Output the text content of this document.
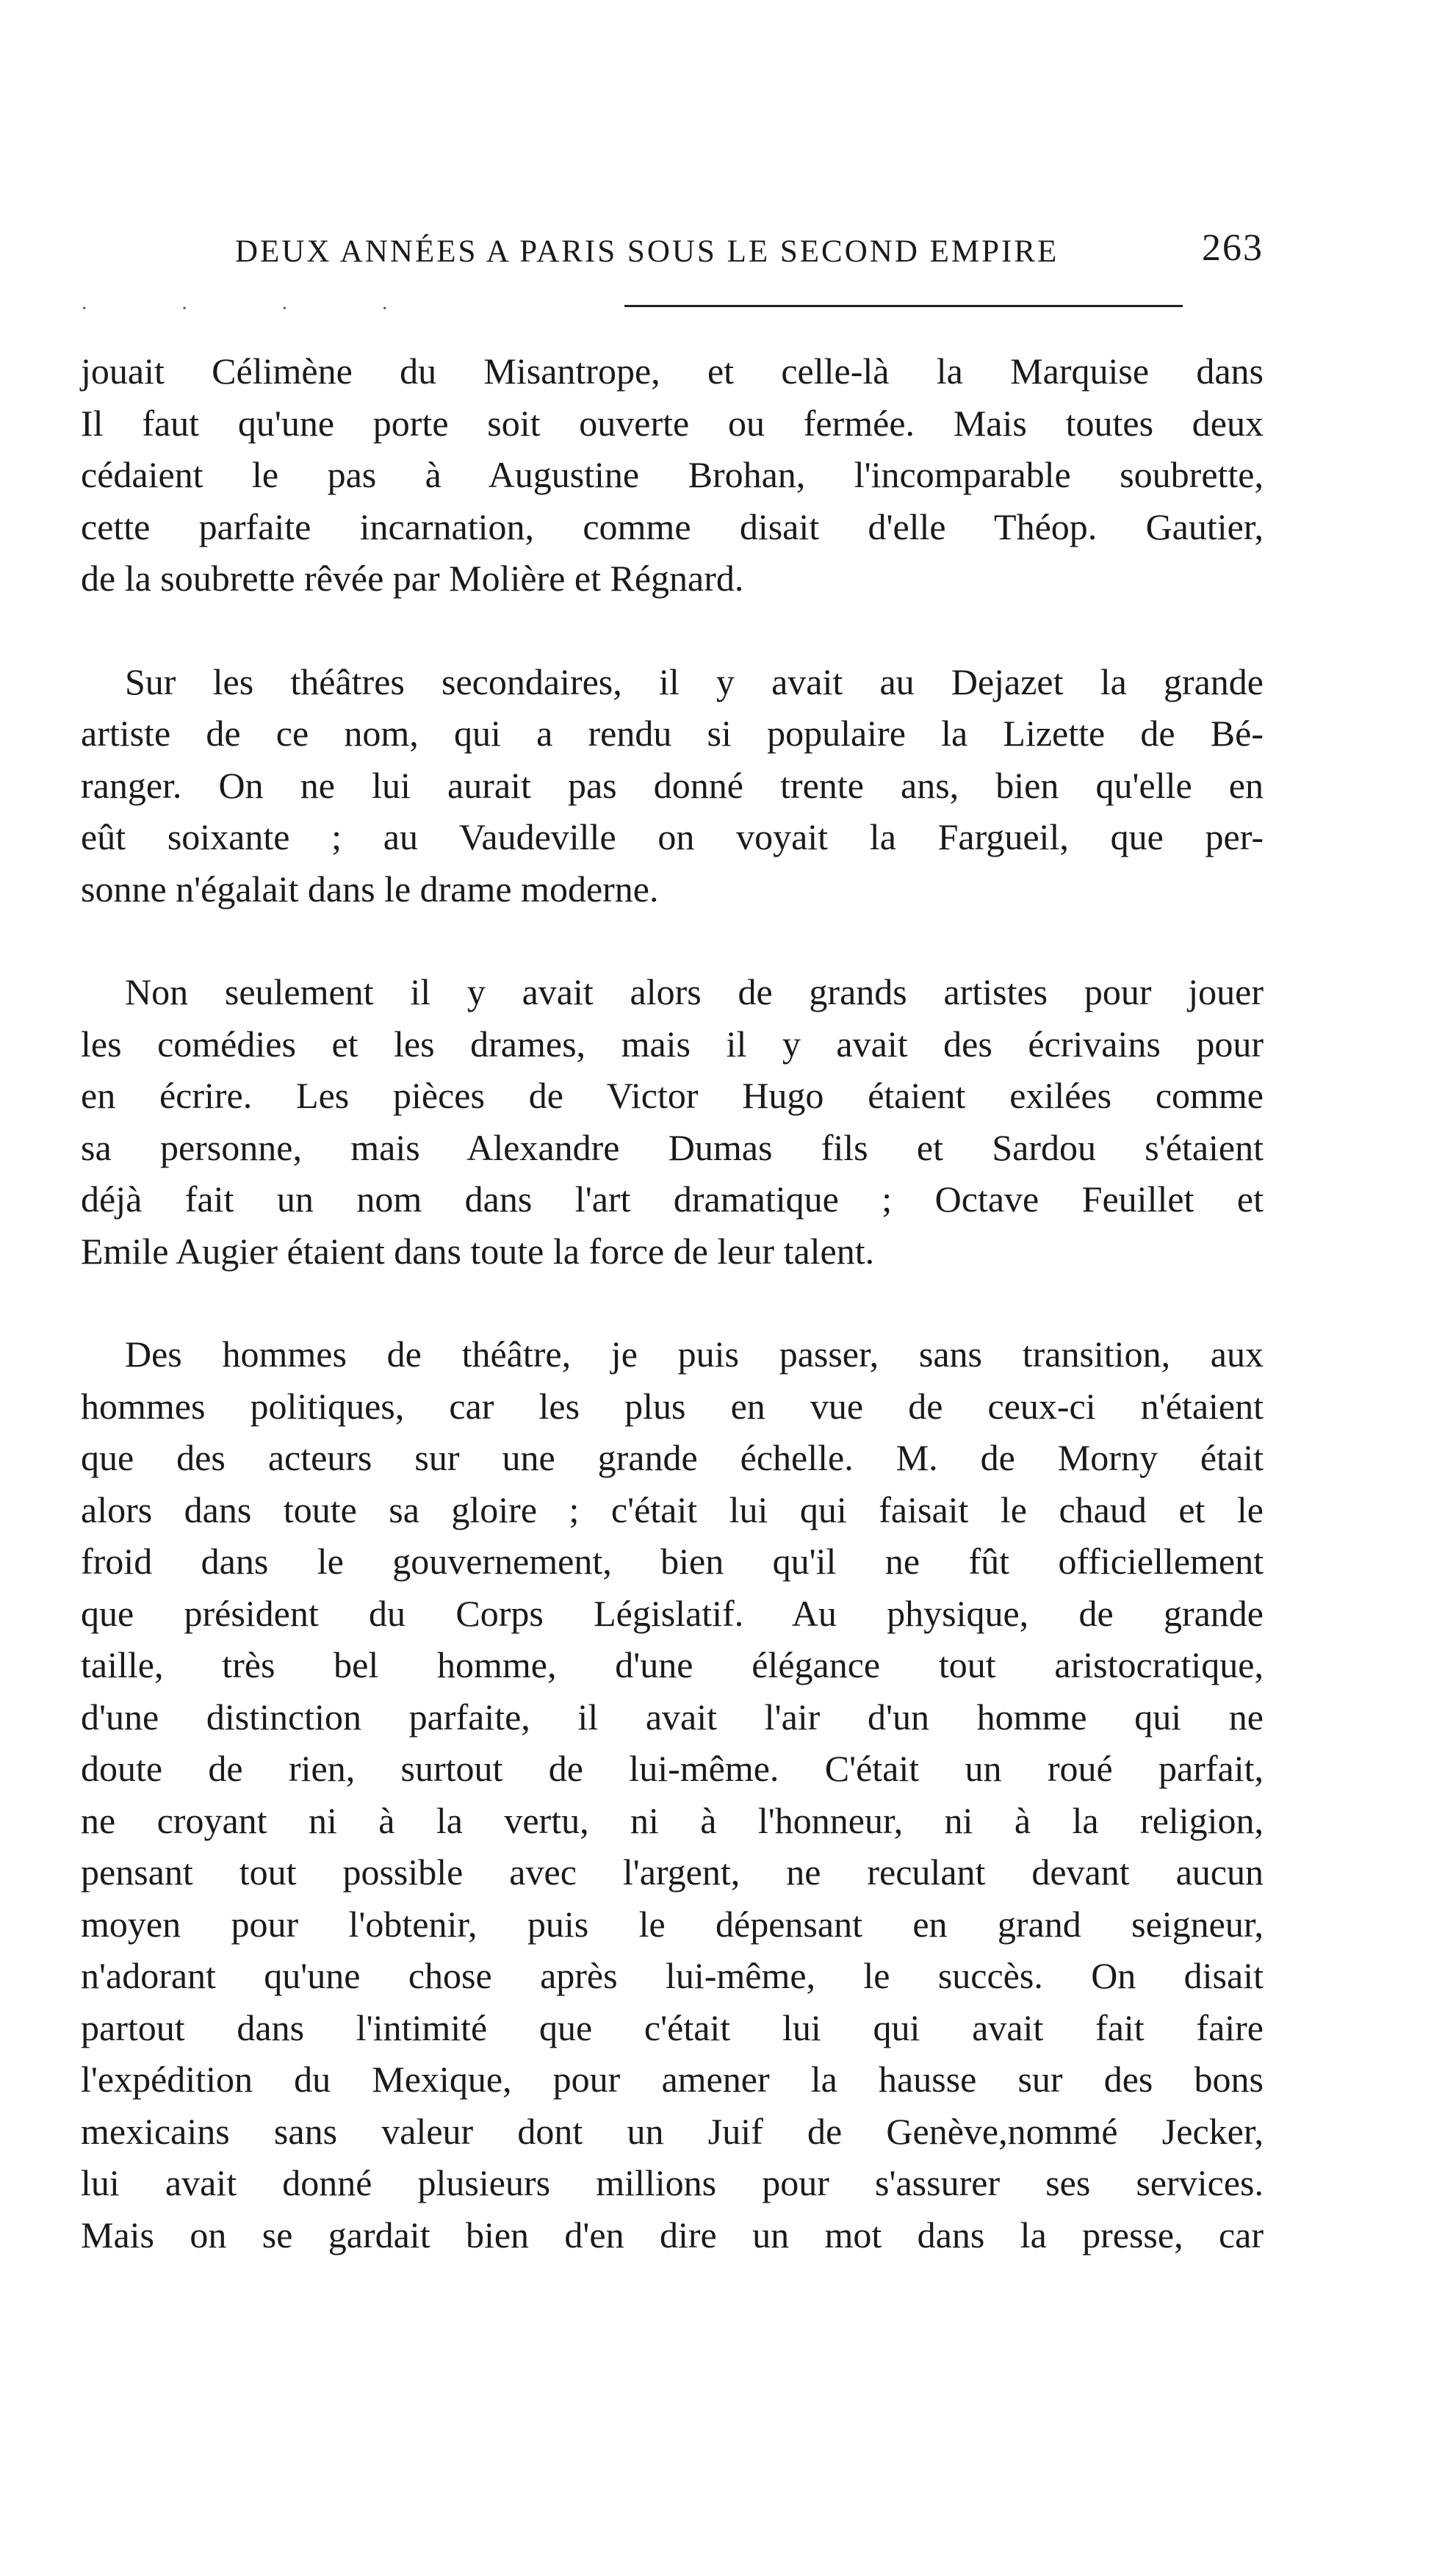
DEUX ANNÉES A PARIS SOUS LE SECOND EMPIRE	263
· · · ·

jouait Célimène du Misantrope, et celle-là la Marquise dans
Il faut qu'une porte soit ouverte ou fermée. Mais toutes deux
cédaient le pas à Augustine Brohan, l'incomparable soubrette,
cette parfaite incarnation, comme disait d'elle Théop. Gautier,
de la soubrette rêvée par Molière et Régnard.

Sur les théâtres secondaires, il y avait au Dejazet la grande
artiste de ce nom, qui a rendu si populaire la Lizette de Bé-
ranger. On ne lui aurait pas donné trente ans, bien qu'elle en
eût soixante ; au Vaudeville on voyait la Fargueil, que per-
sonne n'égalait dans le drame moderne.

Non seulement il y avait alors de grands artistes pour jouer
les comédies et les drames, mais il y avait des écrivains pour
en écrire. Les pièces de Victor Hugo étaient exilées comme
sa personne, mais Alexandre Dumas fils et Sardou s'étaient
déjà fait un nom dans l'art dramatique ; Octave Feuillet et
Emile Augier étaient dans toute la force de leur talent.

Des hommes de théâtre, je puis passer, sans transition, aux
hommes politiques, car les plus en vue de ceux-ci n'étaient
que des acteurs sur une grande échelle. M. de Morny était
alors dans toute sa gloire ; c'était lui qui faisait le chaud et le
froid dans le gouvernement, bien qu'il ne fût officiellement
que président du Corps Législatif. Au physique, de grande
taille, très bel homme, d'une élégance tout aristocratique,
d'une distinction parfaite, il avait l'air d'un homme qui ne
doute de rien, surtout de lui-même. C'était un roué parfait,
ne croyant ni à la vertu, ni à l'honneur, ni à la religion,
pensant tout possible avec l'argent, ne reculant devant aucun
moyen pour l'obtenir, puis le dépensant en grand seigneur,
n'adorant qu'une chose après lui-même, le succès. On disait
partout dans l'intimité que c'était lui qui avait fait faire
l'expédition du Mexique, pour amener la hausse sur des bons
mexicains sans valeur dont un Juif de Genève,nommé Jecker,
lui avait donné plusieurs millions pour s'assurer ses services.
Mais on se gardait bien d'en dire un mot dans la presse, car
